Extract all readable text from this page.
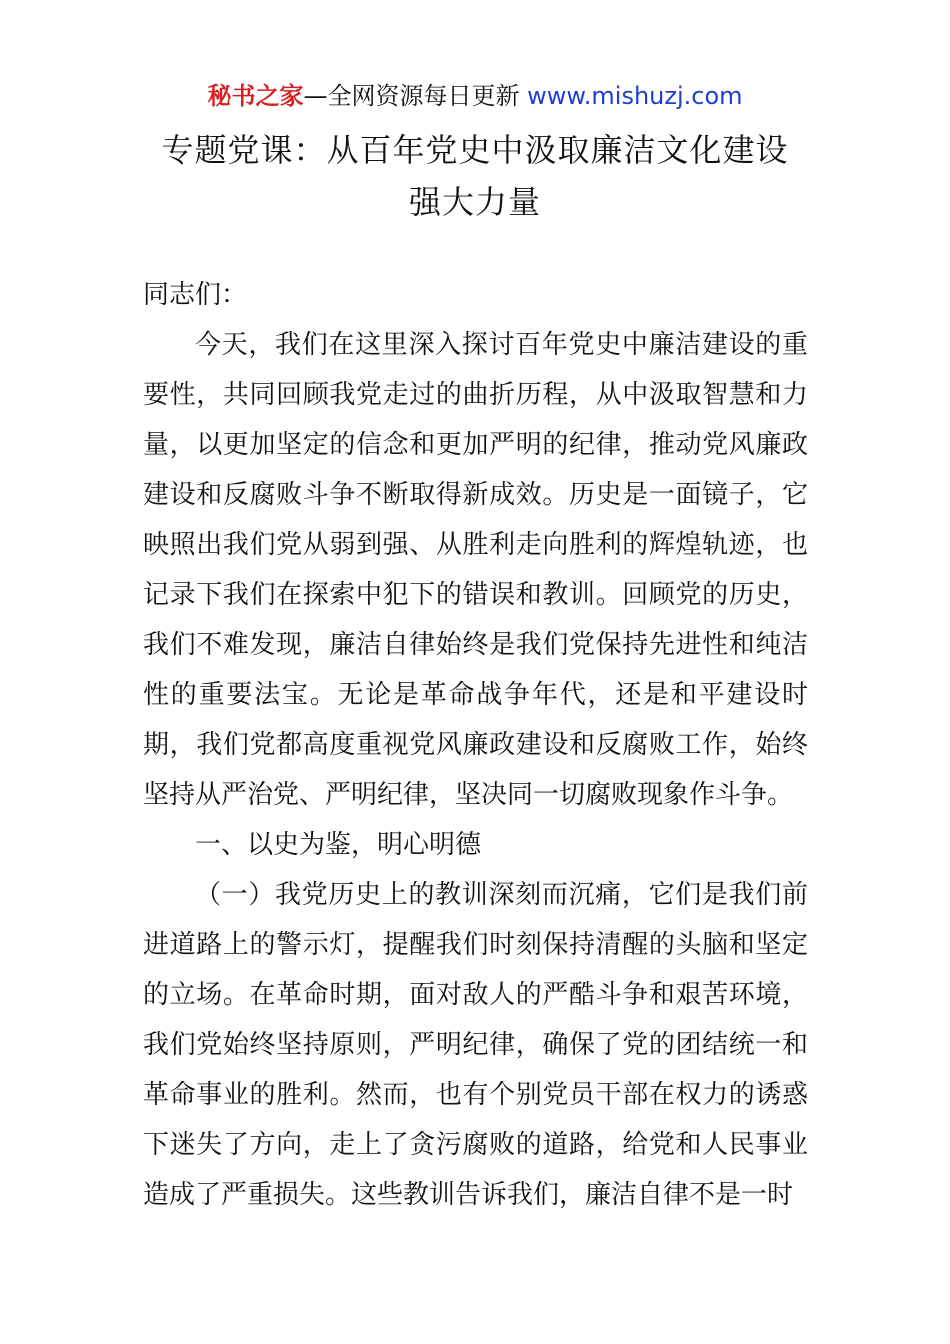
秘书之家—全网资源每日更新 www.mishuzj.com
专题党课：从百年党史中汲取廉洁文化建设强大力量

同志们：

今天，我们在这里深入探讨百年党史中廉洁建设的重要性，共同回顾我党走过的曲折历程，从中汲取智慧和力量，以更加坚定的信念和更加严明的纪律，推动党风廉政建设和反腐败斗争不断取得新成效。历史是一面镜子，它映照出我们党从弱到强、从胜利走向胜利的辉煌轨迹，也记录下我们在探索中犯下的错误和教训。回顾党的历史，我们不难发现，廉洁自律始终是我们党保持先进性和纯洁性的重要法宝。无论是革命战争年代，还是和平建设时期，我们党都高度重视党风廉政建设和反腐败工作，始终坚持从严治党、严明纪律，坚决同一切腐败现象作斗争。

一、以史为鉴，明心明德

（一）我党历史上的教训深刻而沉痛，它们是我们前进道路上的警示灯，提醒我们时刻保持清醒的头脑和坚定的立场。在革命时期，面对敌人的严酷斗争和艰苦环境，我们党始终坚持原则，严明纪律，确保了党的团结统一和革命事业的胜利。然而，也有个别党员干部在权力的诱惑下迷失了方向，走上了贪污腐败的道路，给党和人民事业造成了严重损失。这些教训告诉我们，廉洁自律不是一时
